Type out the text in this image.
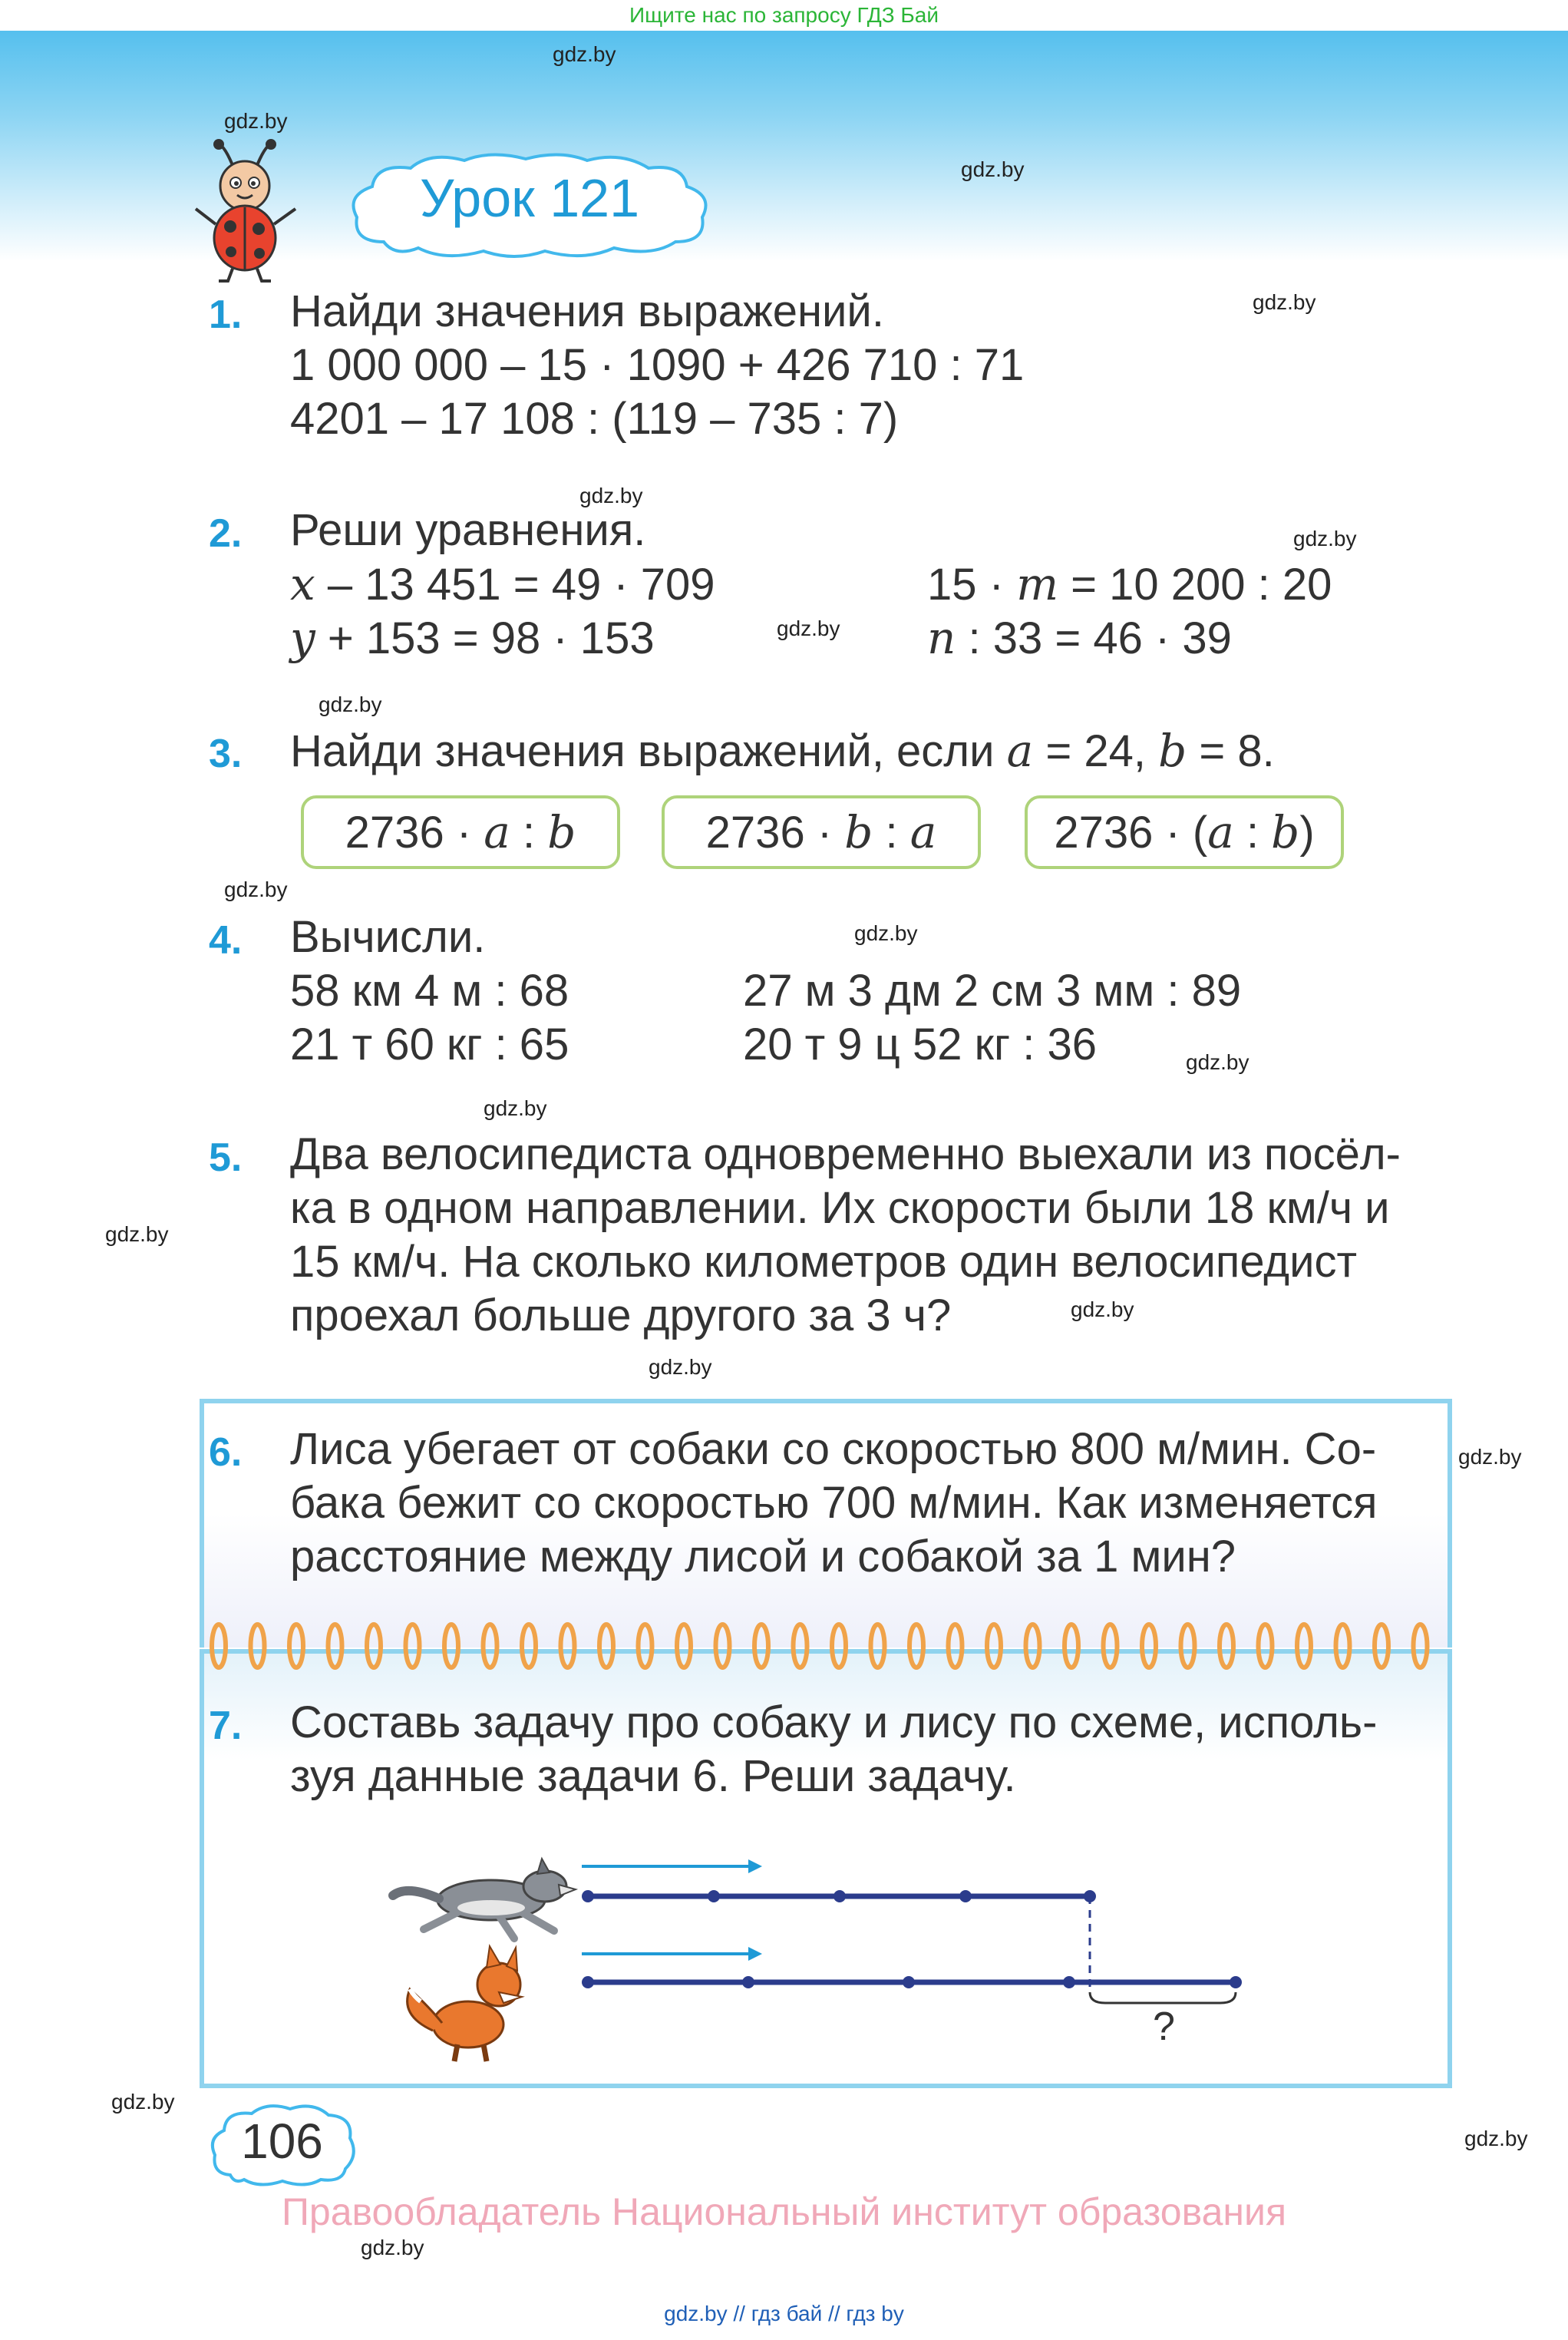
Ищите нас по запросу ГДЗ Бай
gdz.by
gdz.by
gdz.by
gdz.by
gdz.by
gdz.by
gdz.by
gdz.by
gdz.by
gdz.by
gdz.by
gdz.by
gdz.by
gdz.by
gdz.by
gdz.by
gdz.by
gdz.by
gdz.by
Урок 121
1. Найди значения выражений.
1 000 000 – 15 · 1090 + 426 710 : 71
4201 – 17 108 : (119 – 735 : 7)
2. Реши уравнения.
x – 13 451 = 49 · 709	15 · m = 10 200 : 20
y + 153 = 98 · 153	n : 33 = 46 · 39
3. Найди значения выражений, если a = 24, b = 8.
2736 · a : b	2736 · b : a	2736 · (a : b)
4. Вычисли.
58 км 4 м : 68	27 м 3 дм 2 см 3 мм : 89
21 т 60 кг : 65	20 т 9 ц 52 кг : 36
5. Два велосипедиста одновременно выехали из посёл-
ка в одном направлении. Их скорости были 18 км/ч и
15 км/ч. На сколько километров один велосипедист
проехал больше другого за 3 ч?
6. Лиса убегает от собаки со скоростью 800 м/мин. Со-
бака бежит со скоростью 700 м/мин. Как изменяется
расстояние между лисой и собакой за 1 мин?
7. Составь задачу про собаку и лису по схеме, исполь-
зуя данные задачи 6. Реши задачу.
?
106
Правообладатель Национальный институт образования
gdz.by // гдз бай // гдз by
